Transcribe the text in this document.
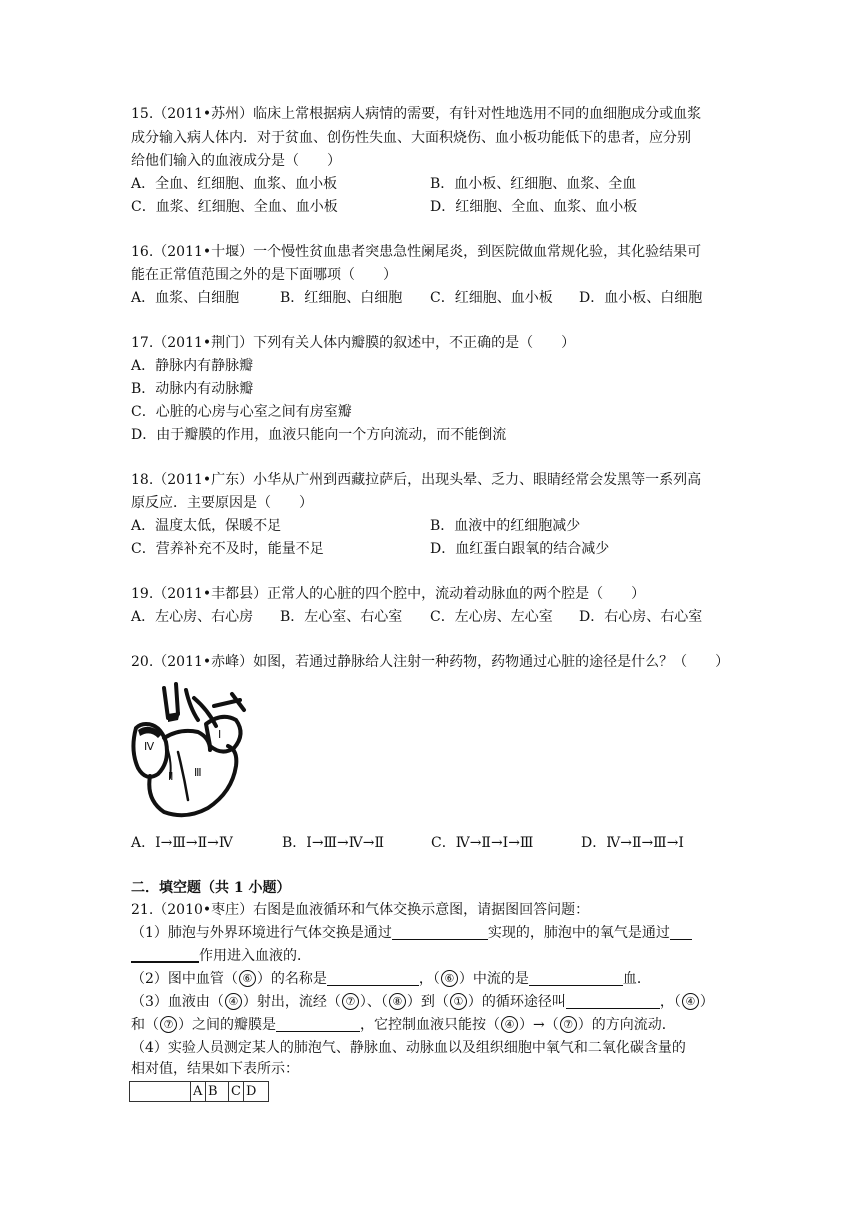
15.（2011•苏州）临床上常根据病人病情的需要，有针对性地选用不同的血细胞成分或血浆
成分输入病人体内．对于贫血、创伤性失血、大面积烧伤、血小板功能低下的患者，应分别
给他们输入的血液成分是（　　）
A．全血、红细胞、血浆、血小板	B．血小板、红细胞、血浆、全血
C．血浆、红细胞、全血、血小板	D．红细胞、全血、血浆、血小板
16.（2011•十堰）一个慢性贫血患者突患急性阑尾炎，到医院做血常规化验，其化验结果可
能在正常值范围之外的是下面哪项（　　）
A．血浆、白细胞	B．红细胞、白细胞 C．红细胞、血小板 D．血小板、白细胞
17.（2011•荆门）下列有关人体内瓣膜的叙述中，不正确的是（　　）
A．静脉内有静脉瓣
B．动脉内有动脉瓣
C．心脏的心房与心室之间有房室瓣
D．由于瓣膜的作用，血液只能向一个方向流动，而不能倒流
18.（2011•广东）小华从广州到西藏拉萨后，出现头晕、乏力、眼睛经常会发黑等一系列高
原反应．主要原因是（　　）
A．温度太低，保暖不足	B．血液中的红细胞减少
C．营养补充不及时，能量不足	D．血红蛋白跟氧的结合减少
19.（2011•丰都县）正常人的心脏的四个腔中，流动着动脉血的两个腔是（　　）
A．左心房、右心房 B．左心室、右心室 C．左心房、左心室 D．右心房、右心室
20.（2011•赤峰）如图，若通过静脉给人注射一种药物，药物通过心脏的途径是什么？（　　）
Ⅳ
Ⅰ
Ⅱ Ⅲ
A．Ⅰ→Ⅲ→Ⅱ→Ⅳ	B．Ⅰ→Ⅲ→Ⅳ→Ⅱ	C．Ⅳ→Ⅱ→Ⅰ→Ⅲ	D．Ⅳ→Ⅱ→Ⅲ→Ⅰ
二．填空题（共 1 小题）
21.（2010•枣庄）右图是血液循环和气体交换示意图，请据图回答问题：
（1）肺泡与外界环境进行气体交换是通过	实现的，肺泡中的氧气是通过
作用进入血液的．
（2）图中血管（ ⑥ ）的名称是	，（ ⑥ ）中流的是	血．
（3）血液由（ ④ ）射出，流经（ ⑦ ）、（ ⑧ ）到（ ① ）的循环途径叫	，（ ④ ）
和（ ⑦ ）之间的瓣膜是	，它控制血液只能按（ ④ ）→（ ⑦ ）的方向流动．
（4）实验人员测定某人的肺泡气、静脉血、动脉血以及组织细胞中氧气和二氧化碳含量的
相对值，结果如下表所示：
	A	B	C	D
